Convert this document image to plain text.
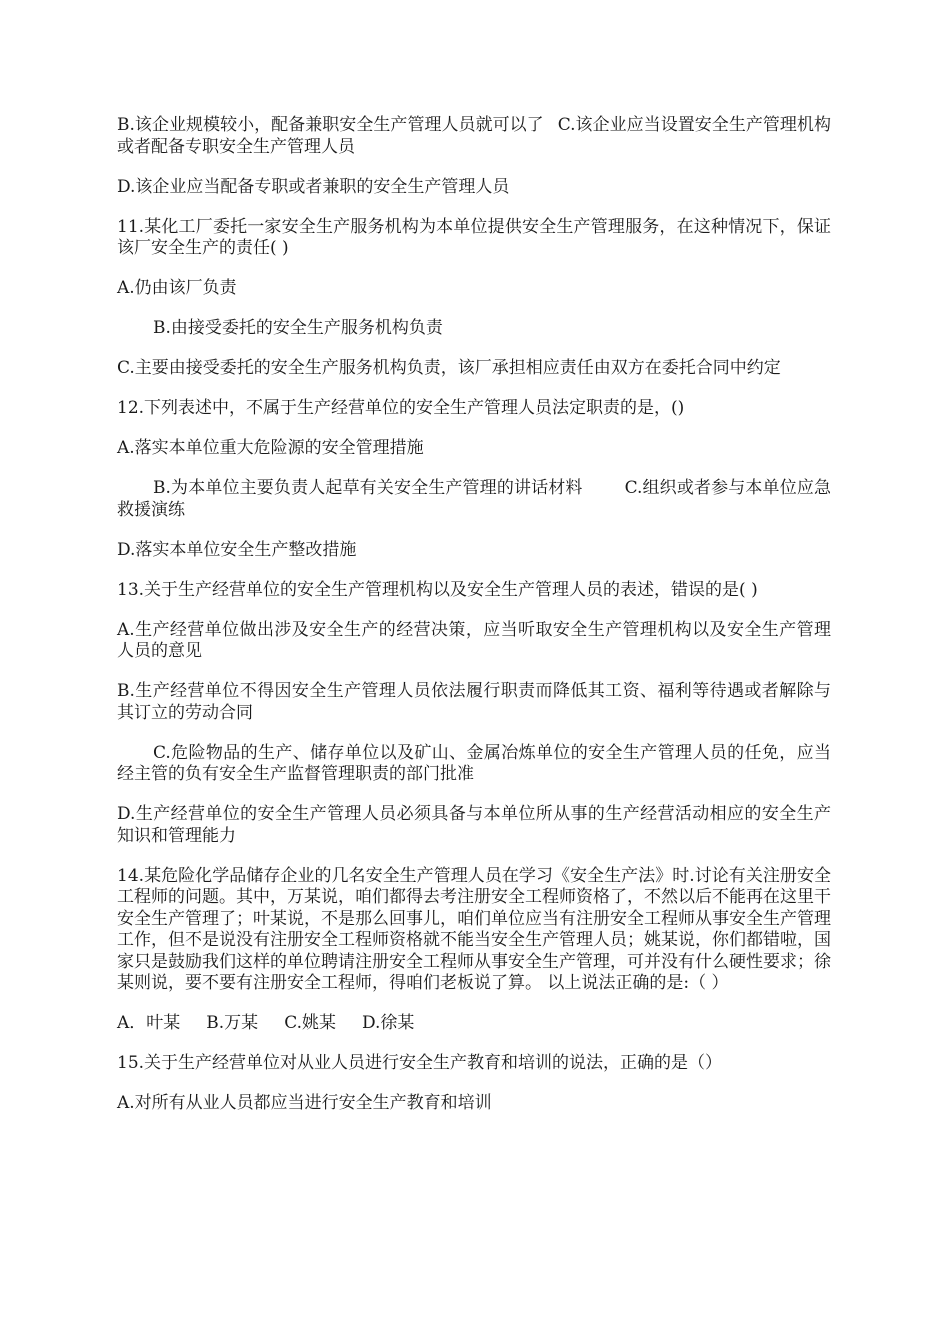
B.该企业规模较小，配备兼职安全生产管理人员就可以了 C.该企业应当设置安全生产管理机构或者配备专职安全生产管理人员

D.该企业应当配备专职或者兼职的安全生产管理人员

11.某化工厂委托一家安全生产服务机构为本单位提供安全生产管理服务，在这种情况下，保证该厂安全生产的责任( )

A.仍由该厂负责

B.由接受委托的安全生产服务机构负责

C.主要由接受委托的安全生产服务机构负责，该厂承担相应责任由双方在委托合同中约定

12.下列表述中，不属于生产经营单位的安全生产管理人员法定职责的是，()

A.落实本单位重大危险源的安全管理措施

B.为本单位主要负责人起草有关安全生产管理的讲话材料 C.组织或者参与本单位应急救援演练

D.落实本单位安全生产整改措施

13.关于生产经营单位的安全生产管理机构以及安全生产管理人员的表述，错误的是( )

A.生产经营单位做出涉及安全生产的经营决策，应当听取安全生产管理机构以及安全生产管理人员的意见

B.生产经营单位不得因安全生产管理人员依法履行职责而降低其工资、福利等待遇或者解除与其订立的劳动合同

C.危险物品的生产、储存单位以及矿山、金属冶炼单位的安全生产管理人员的任免，应当经主管的负有安全生产监督管理职责的部门批准

D.生产经营单位的安全生产管理人员必须具备与本单位所从事的生产经营活动相应的安全生产知识和管理能力

14.某危险化学品储存企业的几名安全生产管理人员在学习《安全生产法》时.讨论有关注册安全工程师的问题。其中，万某说，咱们都得去考注册安全工程师资格了，不然以后不能再在这里干安全生产管理了；叶某说，不是那么回事儿，咱们单位应当有注册安全工程师从事安全生产管理工作，但不是说没有注册安全工程师资格就不能当安全生产管理人员；姚某说，你们都错啦，国家只是鼓励我们这样的单位聘请注册安全工程师从事安全生产管理，可并没有什么硬性要求；徐某则说，要不要有注册安全工程师，得咱们老板说了算。 以上说法正确的是:（ ）

A．叶某 B.万某 C.姚某 D.徐某

15.关于生产经营单位对从业人员进行安全生产教育和培训的说法，正确的是（）

A.对所有从业人员都应当进行安全生产教育和培训
